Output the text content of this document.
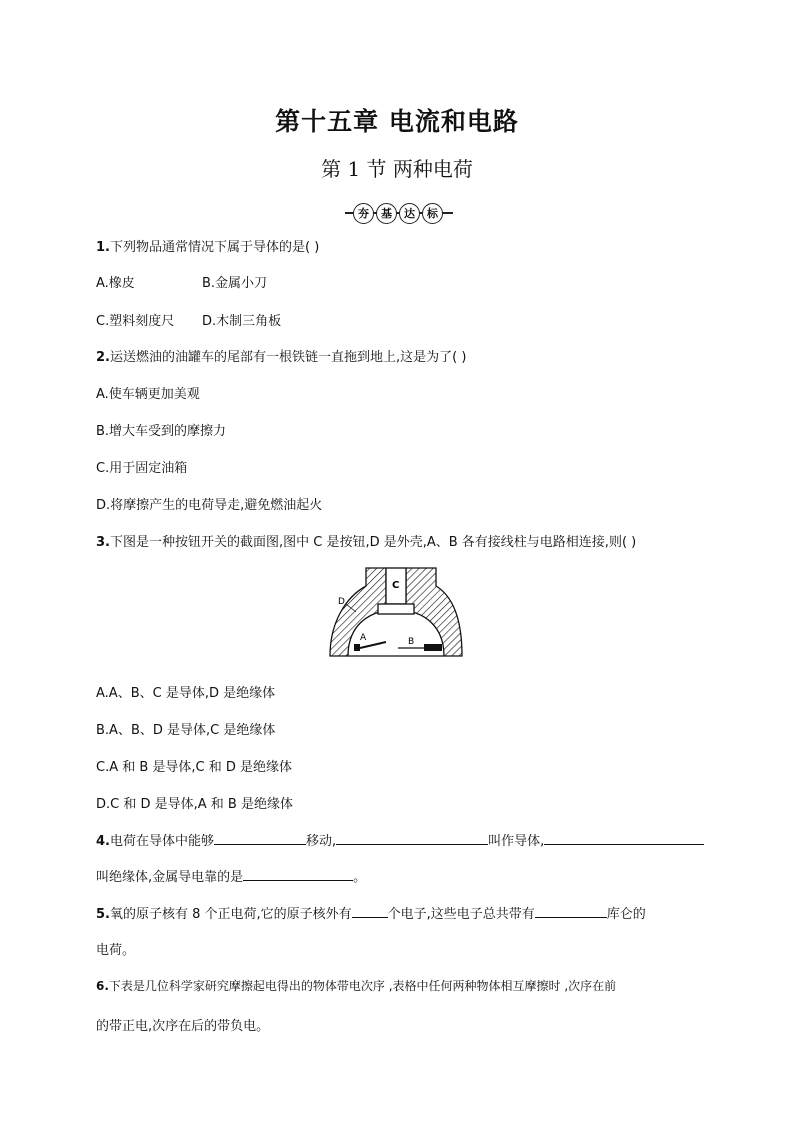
第十五章 电流和电路
第 1 节 两种电荷
夯	基	达	标
1.下列物品通常情况下属于导体的是( )
A.橡皮	B.金属小刀
C.塑料刻度尺 D.木制三角板
2.运送燃油的油罐车的尾部有一根铁链一直拖到地上,这是为了( )
A.使车辆更加美观
B.增大车受到的摩擦力
C.用于固定油箱
D.将摩擦产生的电荷导走,避免燃油起火
3.下图是一种按钮开关的截面图,图中 C 是按钮,D 是外壳,A、B 各有接线柱与电路相连接,则( )
C
D
A	B
A.A、B、C 是导体,D 是绝缘体
B.A、B、D 是导体,C 是绝缘体
C.A 和 B 是导体,C 和 D 是绝缘体
D.C 和 D 是导体,A 和 B 是绝缘体
4.电荷在导体中能够	移动,	叫作导体,
叫绝缘体,金属导电靠的是	。
5.氧的原子核有 8 个正电荷,它的原子核外有	个电子,这些电子总共带有	库仑的
电荷。
6.下表是几位科学家研究摩擦起电得出的物体带电次序 ,表格中任何两种物体相互摩擦时 ,次序在前
的带正电,次序在后的带负电。
